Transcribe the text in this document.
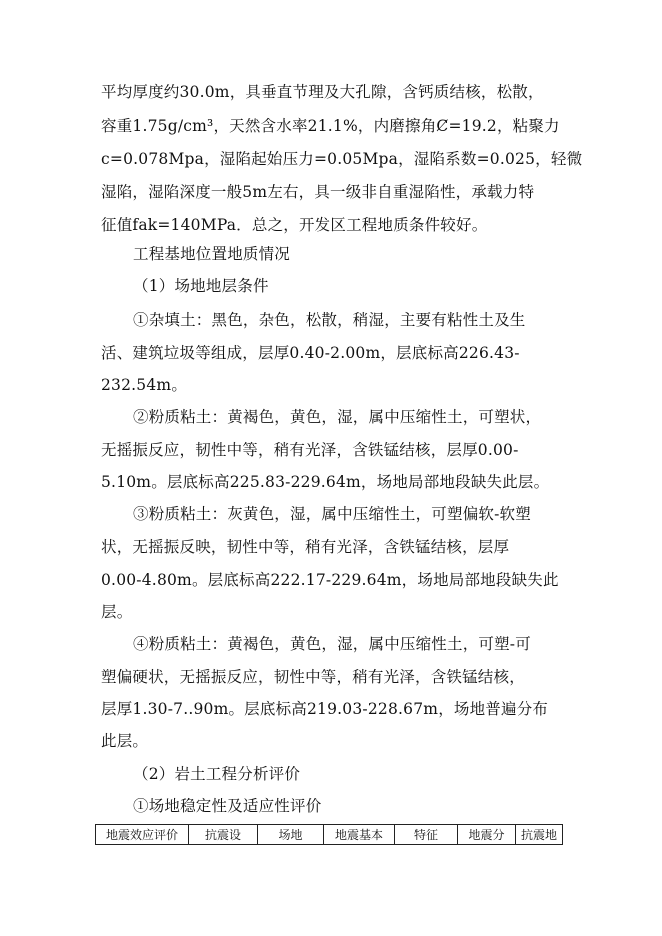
平均厚度约30.0m，具垂直节理及大孔隙，含钙质结核，松散，
容重1.75g/cm³，天然含水率21.1%，内磨擦角Ȼ=19.2，粘聚力
c=0.078Mpa，湿陷起始压力=0.05Mpa，湿陷系数=0.025，轻微
湿陷，湿陷深度一般5m左右，具一级非自重湿陷性，承载力特
征值fak=140MPa．总之，开发区工程地质条件较好。
工程基地位置地质情况
（1）场地地层条件
①杂填土：黑色，杂色，松散，稍湿，主要有粘性土及生
活、建筑垃圾等组成，层厚0.40-2.00m，层底标高226.43-
232.54m。
②粉质粘土：黄褐色，黄色，湿，属中压缩性土，可塑状，
无摇振反应，韧性中等，稍有光泽，含铁锰结核，层厚0.00-
5.10m。层底标高225.83-229.64m，场地局部地段缺失此层。
③粉质粘土：灰黄色，湿，属中压缩性土，可塑偏软-软塑
状，无摇振反映，韧性中等，稍有光泽，含铁锰结核，层厚
0.00-4.80m。层底标高222.17-229.64m，场地局部地段缺失此
层。
④粉质粘土：黄褐色，黄色，湿，属中压缩性土，可塑-可
塑偏硬状，无摇振反应，韧性中等，稍有光泽，含铁锰结核，
层厚1.30-7..90m。层底标高219.03-228.67m，场地普遍分布
此层。
（2）岩土工程分析评价
①场地稳定性及适应性评价
地震效应评价	抗震设	场地	地震基本	特征	地震分	抗震地
